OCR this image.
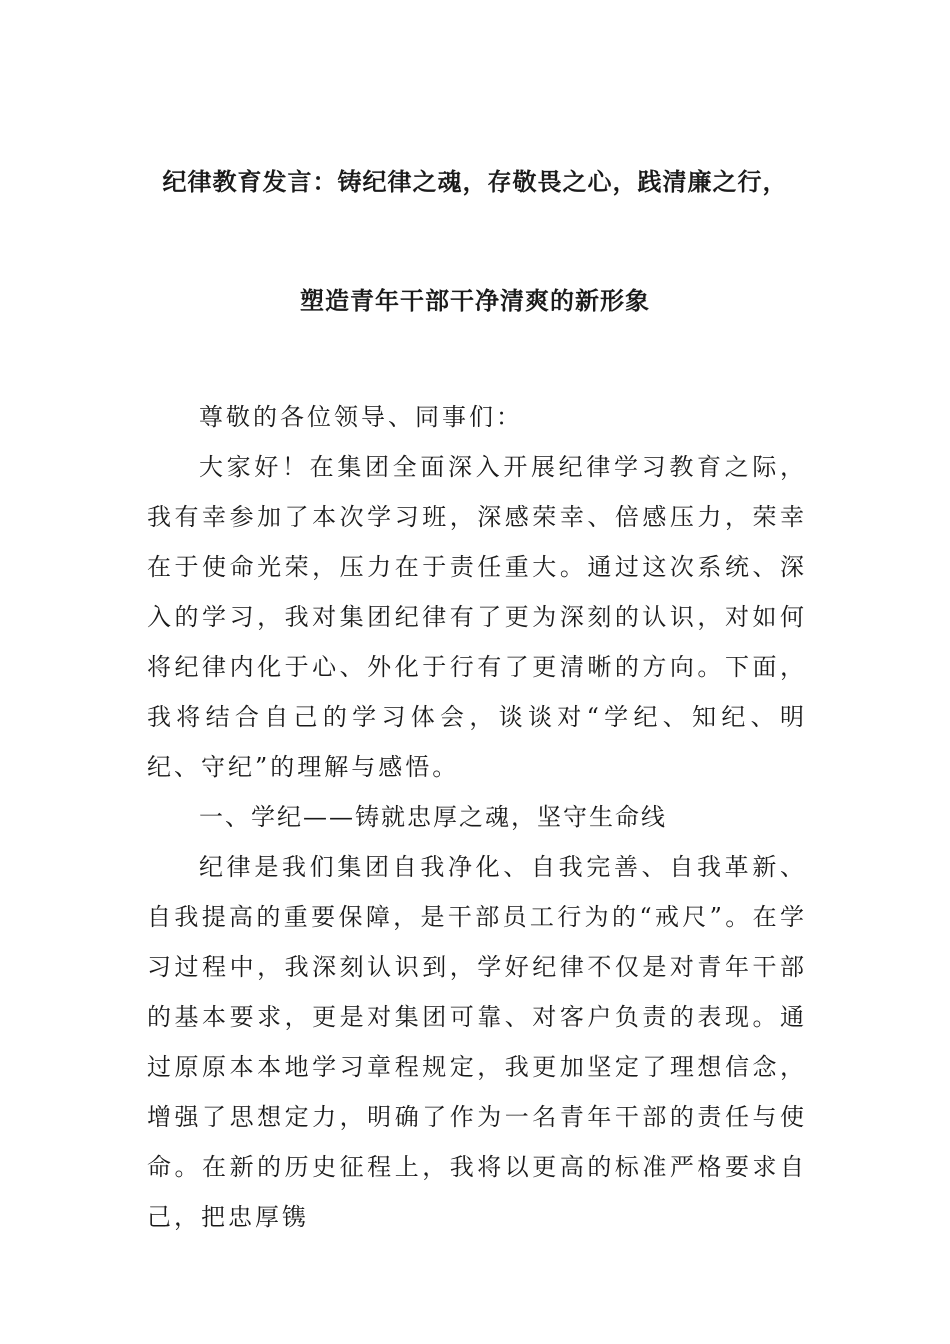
纪律教育发言：铸纪律之魂，存敬畏之心，践清廉之行，
塑造青年干部干净清爽的新形象

尊敬的各位领导、同事们：

大家好！在集团全面深入开展纪律学习教育之际，我有幸参加了本次学习班，深感荣幸、倍感压力，荣幸在于使命光荣，压力在于责任重大。通过这次系统、深入的学习，我对集团纪律有了更为深刻的认识，对如何将纪律内化于心、外化于行有了更清晰的方向。下面，我将结合自己的学习体会，谈谈对“学纪、知纪、明纪、守纪”的理解与感悟。

一、学纪——铸就忠厚之魂，坚守生命线

纪律是我们集团自我净化、自我完善、自我革新、自我提高的重要保障，是干部员工行为的“戒尺”。在学习过程中，我深刻认识到，学好纪律不仅是对青年干部的基本要求，更是对集团可靠、对客户负责的表现。通过原原本本地学习章程规定，我更加坚定了理想信念，增强了思想定力，明确了作为一名青年干部的责任与使命。在新的历史征程上，我将以更高的标准严格要求自己，把忠厚镌
